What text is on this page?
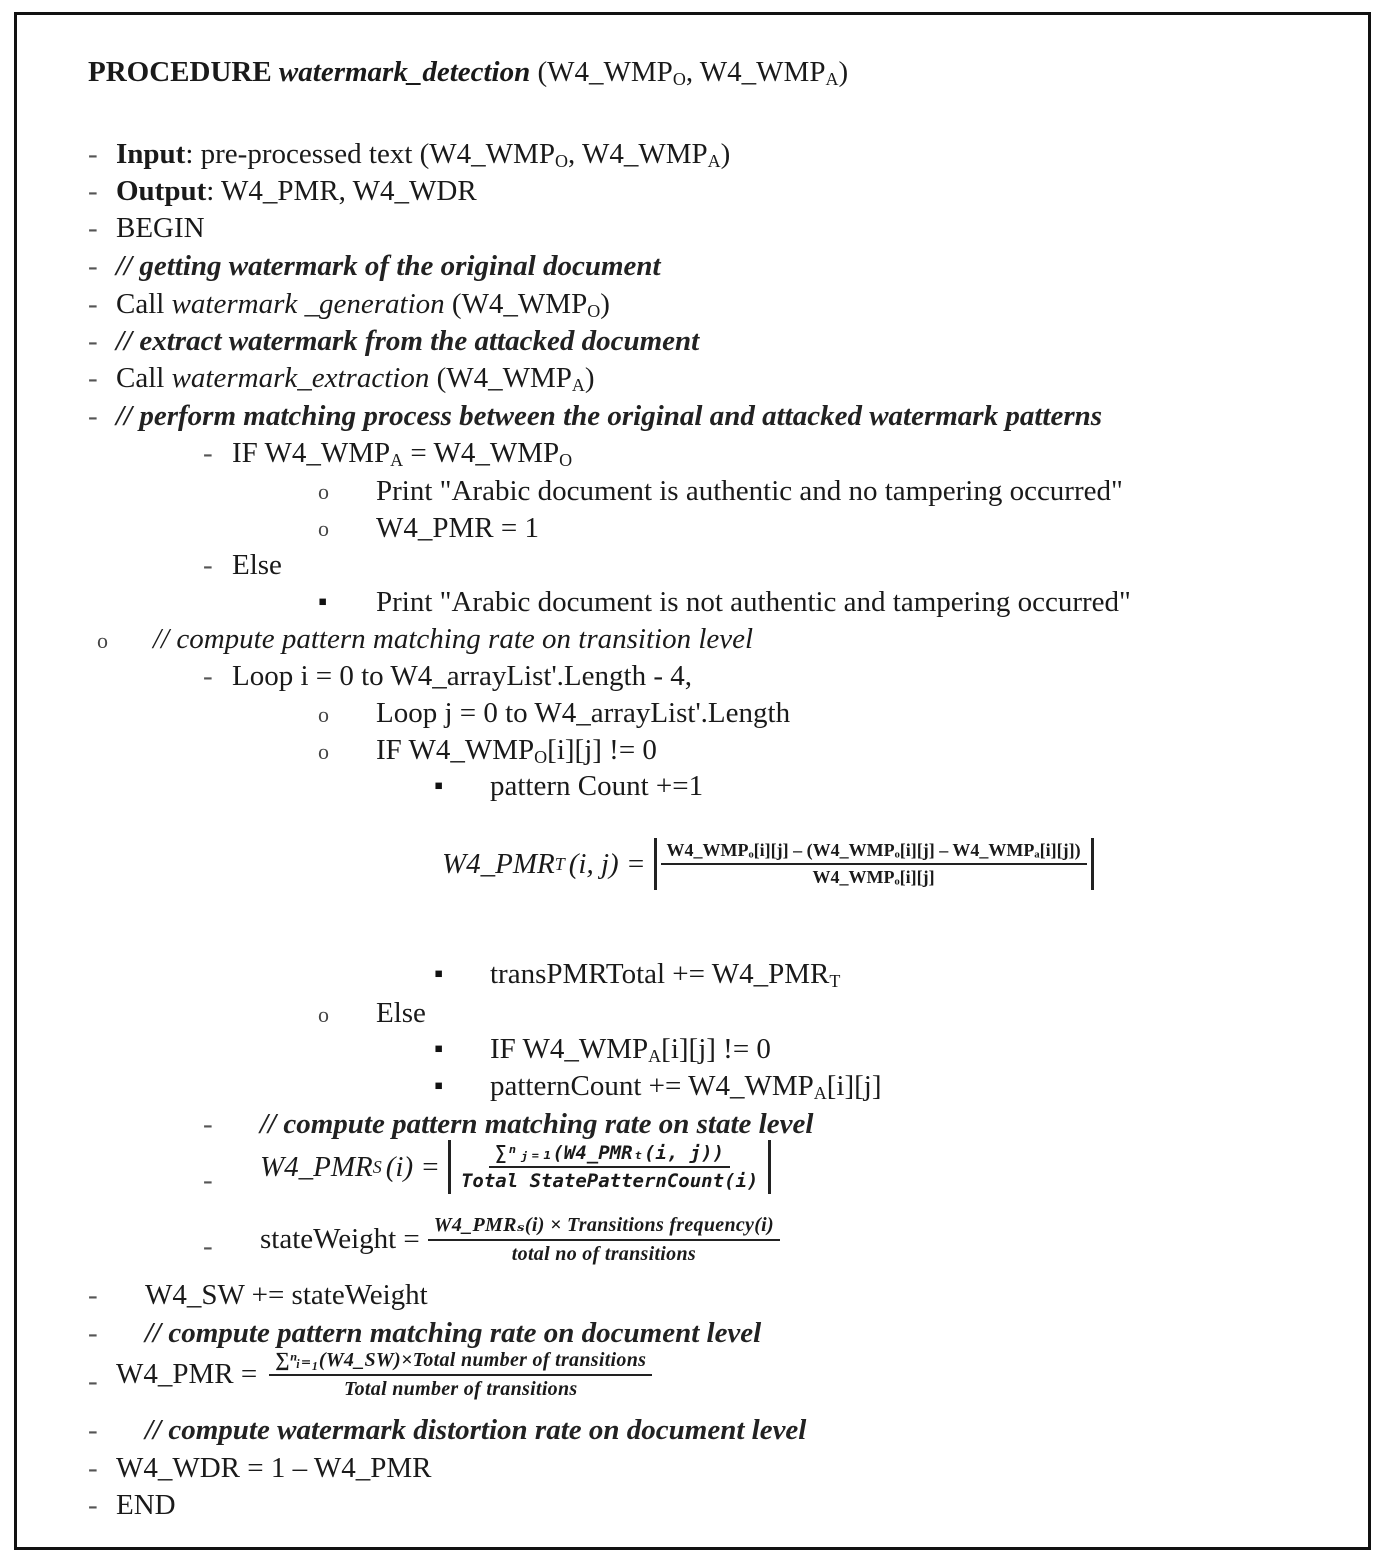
PROCEDURE watermark_detection ($W4\_WMP_O$, $W4\_WMP_A$)
- Input: pre-processed text ($W4\_WMP_O$, $W4\_WMP_A$)
- Output: W4_PMR, W4_WDR
- BEGIN
- // getting watermark of the original document
- Call watermark _generation $(W4\_WMP_O)$
- // extract watermark from the attacked document
- Call watermark_extraction $(W4\_WMP_A)$
- // perform matching process between the original and attacked watermark patterns
- IF $W4\_WMP_A$ = $W4\_WMP_O$
o Print "Arabic document is authentic and no tampering occurred"
o W4_PMR = 1
- Else
▪ Print "Arabic document is not authentic and tampering occurred"
o // compute pattern matching rate on transition level
- Loop i = 0 to W4_arrayList'.Length - 4,
o Loop j = 0 to W4_arrayList'.Length
o IF $W4\_WMP_O[i][j]$ != 0
▪ pattern Count +=1
W4_PMR T (i, $j) = \frac{\text{W4\_WMPₒ[i][j] – (W4\_WMPₒ[i][j] – W4\_WMPₐ[i][j])}}{\text{W4\_WMPₒ[i][j]}}$
▪ transPMRTotal += $W4\_PMR_T$
o Else
▪ IF $W4\_WMP_A[i][j]$ != 0
▪ patternCount += $W4\_WMP_A[i][j]$
- // compute pattern matching rate on state level
- W4_PMR S $(i) = \frac{\text{∑ⁿⱼ₌₁(W4\_PMRₜ(i, j))}}{\text{Total StatePatternCount(i)}}$
- stateWeight = $\frac{\text{W4\_PMRₛ(i) × Transitions frequency(i)}}{\text{total no of transitions}}$
- W4_SW += stateWeight
- // compute pattern matching rate on document level
- W4_PMR = $\frac{\text{∑ⁿᵢ₌₁(W4\_SW)×Total number of transitions}}{\text{Total number of transitions}}$
- // compute watermark distortion rate on document level
- W4_WDR = 1 – W4_PMR
- END
